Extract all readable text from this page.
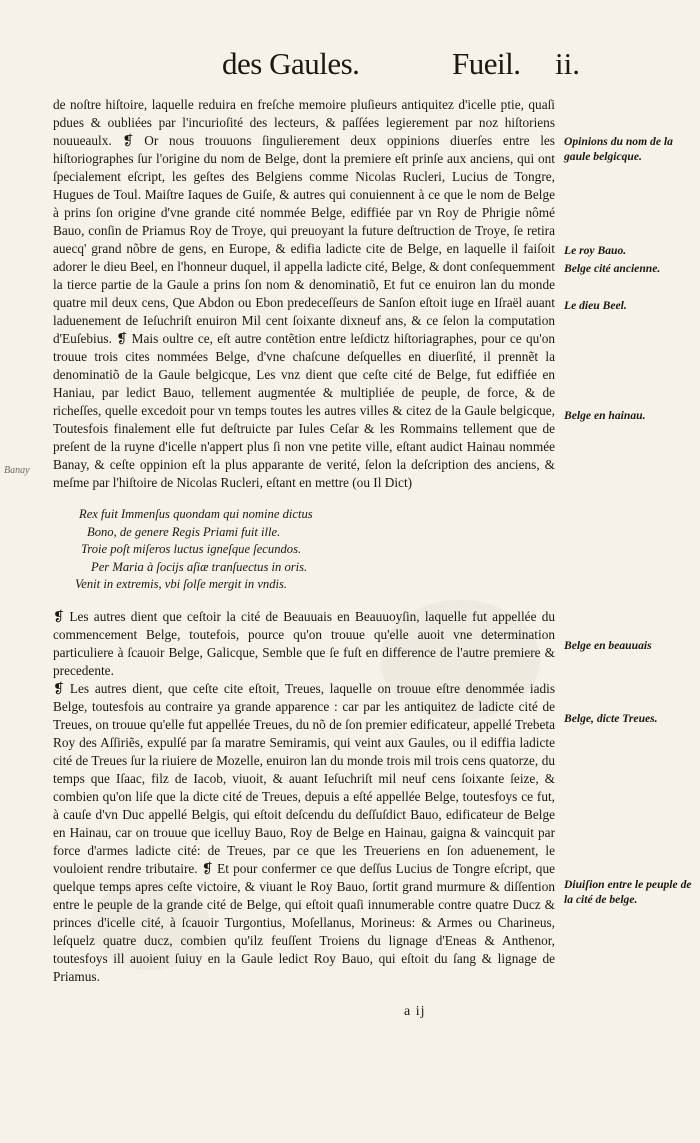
des Gaules.	Fueil. ii.

de noſtre hiſtoire, laquelle reduira en freſche memoire pluſieurs antiquitez d'icelle ptie, quaſi pdues & oubliées par l'incurioſité des lecteurs, & paſſées legierement par noz hiſtoriens nouueaulx. ❡ Or nous trouuons ſingulierement deux oppinions diuerſes entre les hiſtoriographes ſur l'origine du nom de Belge, dont la premiere eſt prinſe aux anciens, qui ont ſpecialement eſcript, les geſtes des Belgiens comme Nicolas Rucleri, Lucius de Tongre, Hugues de Toul. Maiſtre Iaques de Guiſe, & autres qui conuiennent à ce que le nom de Belge à prins ſon origine d'vne grande cité nommée Belge, ediffiée par vn Roy de Phrigie nômé Bauo, conſin de Priamus Roy de Troye, qui preuoyant la future deſtruction de Troye, ſe retira auecq' grand nõbre de gens, en Europe, & edifia ladicte cite de Belge, en laquelle il faiſoit adorer le dieu Beel, en l'honneur duquel, il appella ladicte cité, Belge, & dont conſequemment la tierce partie de la Gaule a prins ſon nom & denominatiõ, Et fut ce enuiron lan du monde quatre mil deux cens, Que Abdon ou Ebon predeceſſeurs de Sanſon eſtoit iuge en Iſraël auant laduenement de Ieſuchriſt enuiron Mil cent ſoixante dixneuf ans, & ce ſelon la computation d'Euſebius. ❡ Mais oultre ce, eſt autre contẽtion entre leſdictz hiſtoriagraphes, pour ce qu'on trouue trois cites nommées Belge, d'vne chaſcune deſquelles en diuerſité, il prennẽt la denominatiõ de la Gaule belgicque, Les vnz dient que ceſte cité de Belge, fut ediffiée en Haniau, par ledict Bauo, tellement augmentée & multipliée de peuple, de force, & de richeſſes, quelle excedoit pour vn temps toutes les autres villes & citez de la Gaule belgicque, Toutesfois finalement elle fut deſtruicte par Iules Ceſar & les Rommains tellement que de preſent de la ruyne d'icelle n'appert plus ſi non vne petite ville, eſtant audict Hainau nommée Banay, & ceſte oppinion eſt la plus apparante de verité, ſelon la deſcription des anciens, & meſme par l'hiſtoire de Nicolas Rucleri, eſtant en mettre (ou Il Dict)

Rex fuit Immenſus quondam qui nomine dictus
Bono, de genere Regis Priami fuit ille.
Troie poſt miſeros luctus igneſque ſecundos.
Per Maria à ſocijs aſiæ tranſuectus in oris.
Venit in extremis, vbi ſolſe mergit in vndis.

❡ Les autres dient que ceſtoir la cité de Beauuais en Beauuoyſin, laquelle fut appellée du commencement Belge, toutefois, pource qu'on trouue qu'elle auoit vne determination particuliere à ſcauoir Belge, Galicque, Semble que ſe fuſt en difference de l'autre premiere & precedente.

❡ Les autres dient, que ceſte cite eſtoit, Treues, laquelle on trouue eſtre denommée iadis Belge, toutesfois au contraire ya grande apparence : car par les antiquitez de ladicte cité de Treues, on trouue qu'elle fut appellée Treues, du nõ de ſon premier edificateur, appellé Trebeta Roy des Aſſiriẽs, expulſé par ſa maratre Semiramis, qui veint aux Gaules, ou il ediffia ladicte cité de Treues ſur la riuiere de Mozelle, enuiron lan du monde trois mil trois cens quatorze, du temps que Iſaac, filz de Iacob, viuoit, & auant Ieſuchriſt mil neuf cens ſoixante ſeize, & combien qu'on liſe que la dicte cité de Treues, depuis a eſté appellée Belge, toutesfoys ce fut, à cauſe d'vn Duc appellé Belgis, qui eſtoit deſcendu du deſſuſdict Bauo, edificateur de Belge en Hainau, car on trouue que icelluy Bauo, Roy de Belge en Hainau, gaigna & vaincquit par force d'armes ladicte cité: de Treues, par ce que les Treueriens en ſon aduenement, le vouloient rendre tributaire. ❡ Et pour confermer ce que deſſus Lucius de Tongre eſcript, que quelque temps apres ceſte victoire, & viuant le Roy Bauo, ſortit grand murmure & diſſention entre le peuple de la grande cité de Belge, qui eſtoit quaſi innumerable contre quatre Ducz & princes d'icelle cité, à ſcauoir Turgontius, Moſellanus, Morineus: & Armes ou Charineus, leſquelz quatre ducz, combien qu'ilz feuſſent Troiens du lignage d'Eneas & Anthenor, toutesfoys ill auoient ſuiuy en la Gaule ledict Roy Bauo, qui eſtoit du ſang & lignage de Priamus.

Opinions du nom de la gaule belgicque.
Le roy Bauo.
Belge cité ancienne.
Le dieu Beel.
Belge en hainau.
Belge en beauuais
Belge, dicte Treues.
Diuiſion entre le peuple de la cité de belge.
Banay
a ij
